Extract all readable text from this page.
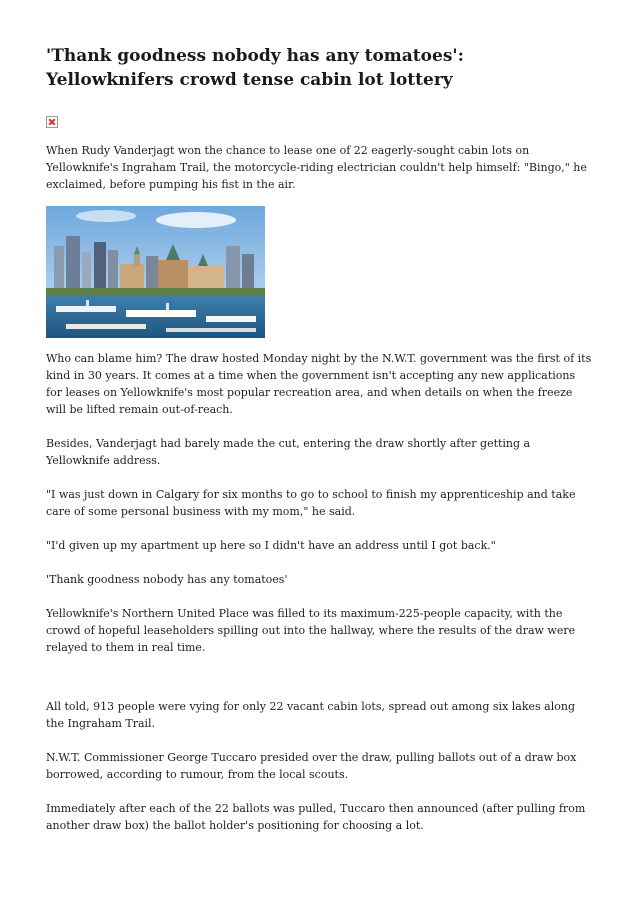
'Thank goodness nobody has any tomatoes': Yellowknifers crowd tense cabin lot lottery

When Rudy Vanderjagt won the chance to lease one of 22 eagerly-sought cabin lots on Yellowknife's Ingraham Trail, the motorcycle-riding electrician couldn't help himself: "Bingo," he exclaimed, before pumping his fist in the air.

Who can blame him? The draw hosted Monday night by the N.W.T. government was the first of its kind in 30 years. It comes at a time when the government isn't accepting any new applications for leases on Yellowknife's most popular recreation area, and when details on when the freeze will be lifted remain out-of-reach.

Besides, Vanderjagt had barely made the cut, entering the draw shortly after getting a Yellowknife address.

"I was just down in Calgary for six months to go to school to finish my apprenticeship and take care of some personal business with my mom," he said.

"I'd given up my apartment up here so I didn't have an address until I got back."

'Thank goodness nobody has any tomatoes'

Yellowknife's Northern United Place was filled to its maximum-225-people capacity, with the crowd of hopeful leaseholders spilling out into the hallway, where the results of the draw were relayed to them in real time.

All told, 913 people were vying for only 22 vacant cabin lots, spread out among six lakes along the Ingraham Trail.

N.W.T. Commissioner George Tuccaro presided over the draw, pulling ballots out of a draw box borrowed, according to rumour, from the local scouts.

Immediately after each of the 22 ballots was pulled, Tuccaro then announced (after pulling from another draw box) the ballot holder's positioning for choosing a lot.
